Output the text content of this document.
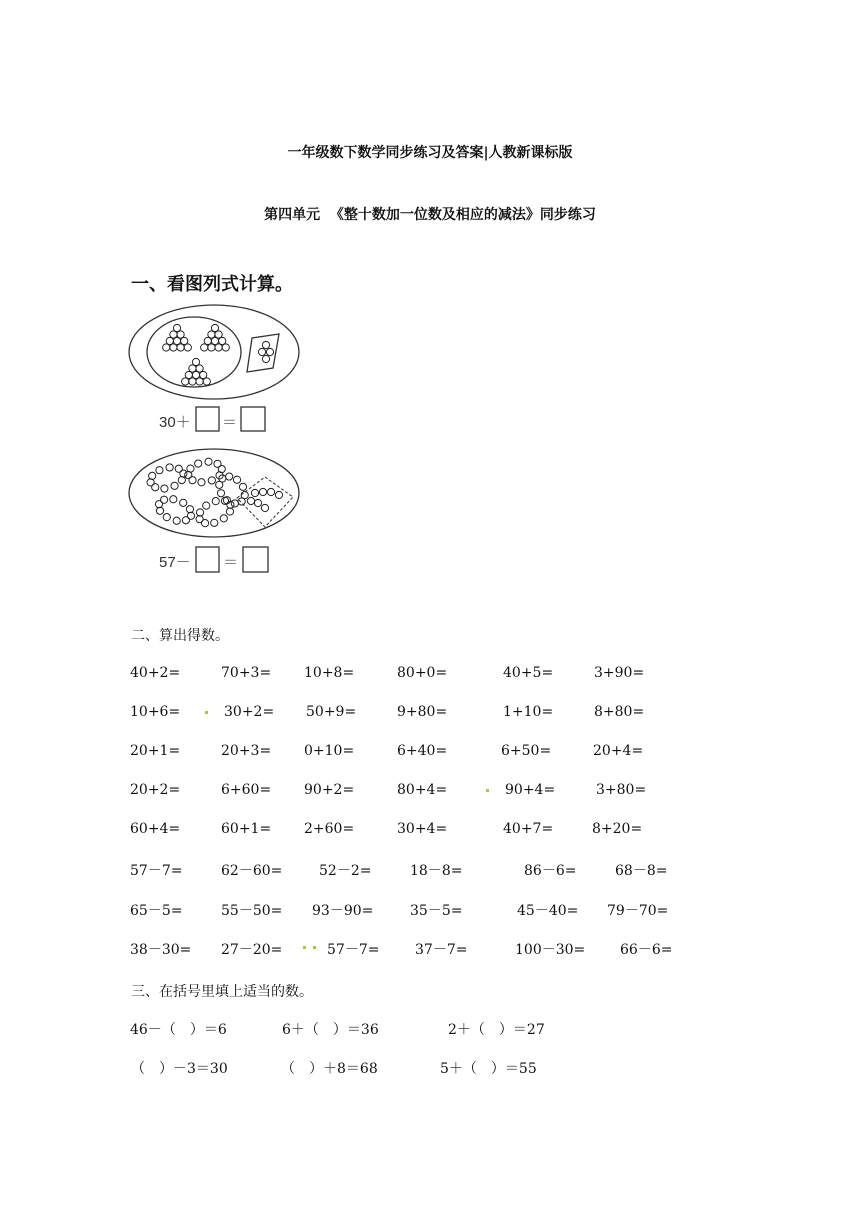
一年级数下数学同步练习及答案|人教新课标版
第四单元  《整十数加一位数及相应的减法》同步练习
一、看图列式计算。
30＋ ＝
57－ ＝
二、算出得数。
40+2=	70+3= 10+8=	80+0=	40+5=	3+90=
10+6=	30+2= 50+9=	9+80=	1+10=	8+80=
20+1=	20+3= 0+10=	6+40=	6+50=	20+4=
20+2=	6+60= 90+2=	80+4=	90+4=	3+80=
60+4=	60+1= 2+60=	30+4=	40+7=	8+20=
57－7=	62－60=	52－2=	18－8=	86－6=	68－8=
65－5=	55－50= 93－90=	35－5=	45－40= 79－70=
38－30= 27－20=	57－7=	37－7=	100－30= 66－6=
三、在括号里填上适当的数。
46－（　）＝6	6＋（　）＝36	2＋（　）＝27
（　）－3＝30	（　）＋8＝68	5＋（　）＝55
